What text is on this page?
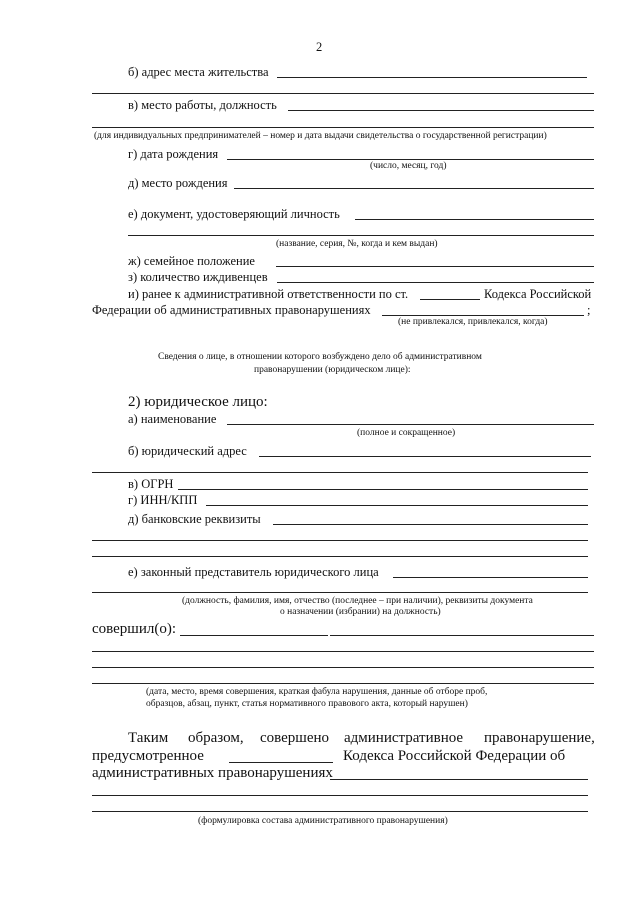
2
б) адрес места жительства
в) место работы, должность
(для индивидуальных предпринимателей – номер и дата выдачи свидетельства о государственной регистрации)
г) дата рождения
(число, месяц, год)
д) место рождения
е) документ, удостоверяющий личность
(название, серия, №, когда и кем выдан)
ж) семейное положение
з) количество иждивенцев
и) ранее к административной ответственности по ст.	Кодекса Российской
Федерации об административных правонарушениях	;
(не привлекался, привлекался, когда)
Сведения о лице, в отношении которого возбуждено дело об административном
правонарушении (юридическом лице):
2) юридическое лицо:
а) наименование
(полное и сокращенное)
б) юридический адрес
в) ОГРН
г) ИНН/КПП
д) банковские реквизиты
е) законный представитель юридического лица
(должность, фамилия, имя, отчество (последнее – при наличии), реквизиты документа
о назначении (избрании) на должность)
совершил(о):
(дата, место, время совершения, краткая фабула нарушения, данные об отборе проб,
образцов, абзац, пункт, статья нормативного правового акта, который нарушен)
Таким образом, совершено административное правонарушение,
предусмотренное	Кодекса Российской Федерации об
административных правонарушениях
(формулировка состава административного правонарушения)
